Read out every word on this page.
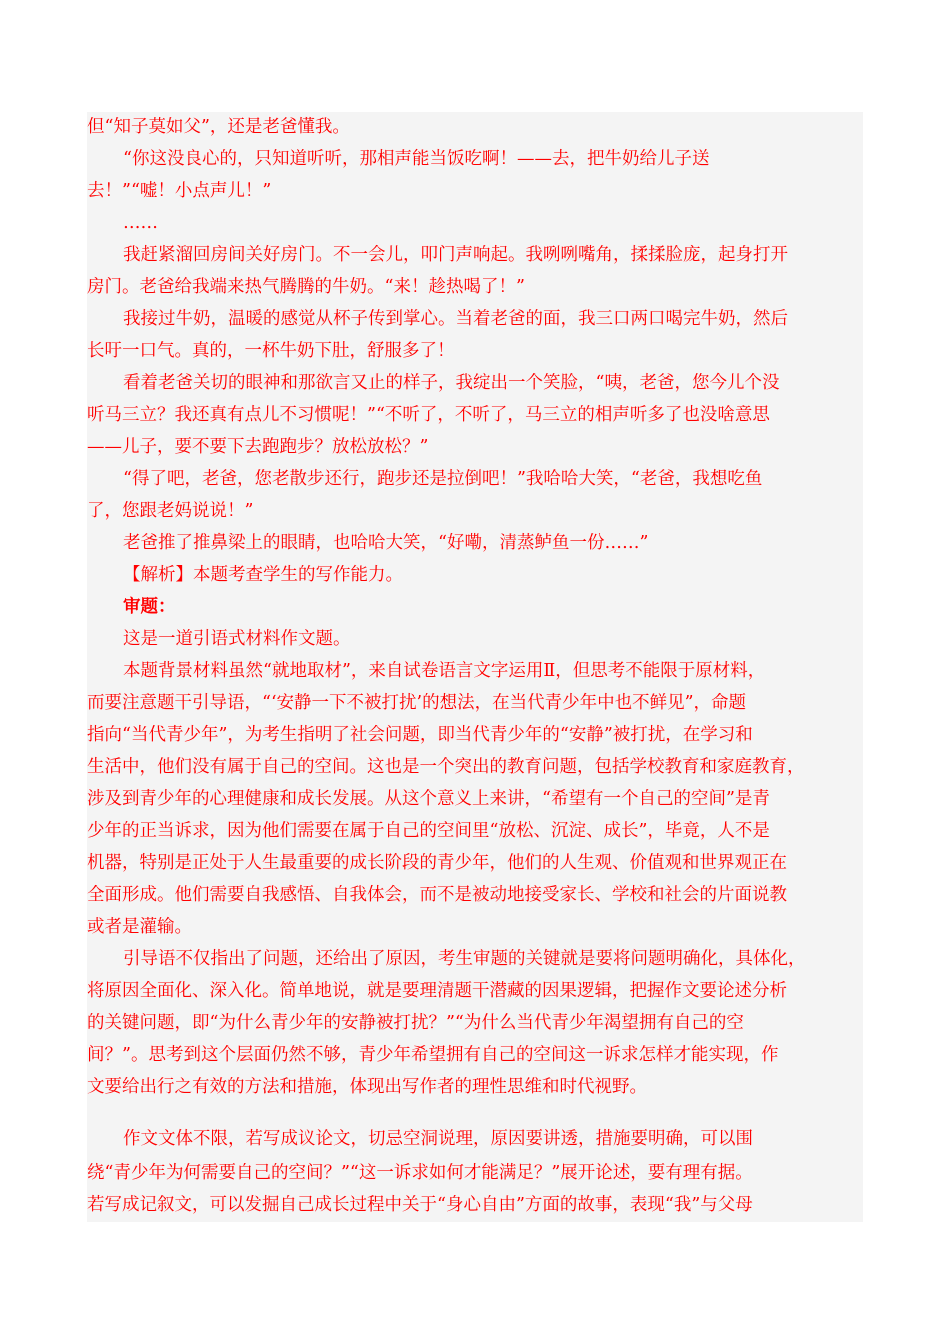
但“知子莫如父”，还是老爸懂我。
“你这没良心的，只知道听听，那相声能当饭吃啊！——去，把牛奶给儿子送
去！”“嘘！小点声儿！”
……
我赶紧溜回房间关好房门。不一会儿，叩门声响起。我咧咧嘴角，揉揉脸庞，起身打开
房门。老爸给我端来热气腾腾的牛奶。“来！趁热喝了！”
我接过牛奶，温暖的感觉从杯子传到掌心。当着老爸的面，我三口两口喝完牛奶，然后
长吁一口气。真的，一杯牛奶下肚，舒服多了！
看着老爸关切的眼神和那欲言又止的样子，我绽出一个笑脸，“咦，老爸，您今儿个没
听马三立？我还真有点儿不习惯呢！”“不听了，不听了，马三立的相声听多了也没啥意思
——儿子，要不要下去跑跑步？放松放松？”
“得了吧，老爸，您老散步还行，跑步还是拉倒吧！”我哈哈大笑，“老爸，我想吃鱼
了，您跟老妈说说！”
老爸推了推鼻梁上的眼睛，也哈哈大笑，“好嘞，清蒸鲈鱼一份……”
【解析】本题考查学生的写作能力。
审题：
这是一道引语式材料作文题。
本题背景材料虽然“就地取材”，来自试卷语言文字运用Ⅱ，但思考不能限于原材料，
而要注意题干引导语，“‘安静一下不被打扰’的想法，在当代青少年中也不鲜见”，命题
指向“当代青少年”，为考生指明了社会问题，即当代青少年的“安静”被打扰，在学习和
生活中，他们没有属于自己的空间。这也是一个突出的教育问题，包括学校教育和家庭教育，
涉及到青少年的心理健康和成长发展。从这个意义上来讲，“希望有一个自己的空间”是青
少年的正当诉求，因为他们需要在属于自己的空间里“放松、沉淀、成长”，毕竟，人不是
机器，特别是正处于人生最重要的成长阶段的青少年，他们的人生观、价值观和世界观正在
全面形成。他们需要自我感悟、自我体会，而不是被动地接受家长、学校和社会的片面说教
或者是灌输。
引导语不仅指出了问题，还给出了原因，考生审题的关键就是要将问题明确化，具体化，
将原因全面化、深入化。简单地说，就是要理清题干潜藏的因果逻辑，把握作文要论述分析
的关键问题，即“为什么青少年的安静被打扰？”“为什么当代青少年渴望拥有自己的空
间？”。思考到这个层面仍然不够，青少年希望拥有自己的空间这一诉求怎样才能实现，作
文要给出行之有效的方法和措施，体现出写作者的理性思维和时代视野。
作文文体不限，若写成议论文，切忌空洞说理，原因要讲透，措施要明确，可以围
绕“青少年为何需要自己的空间？”“这一诉求如何才能满足？”展开论述，要有理有据。
若写成记叙文，可以发掘自己成长过程中关于“身心自由”方面的故事，表现“我”与父母
